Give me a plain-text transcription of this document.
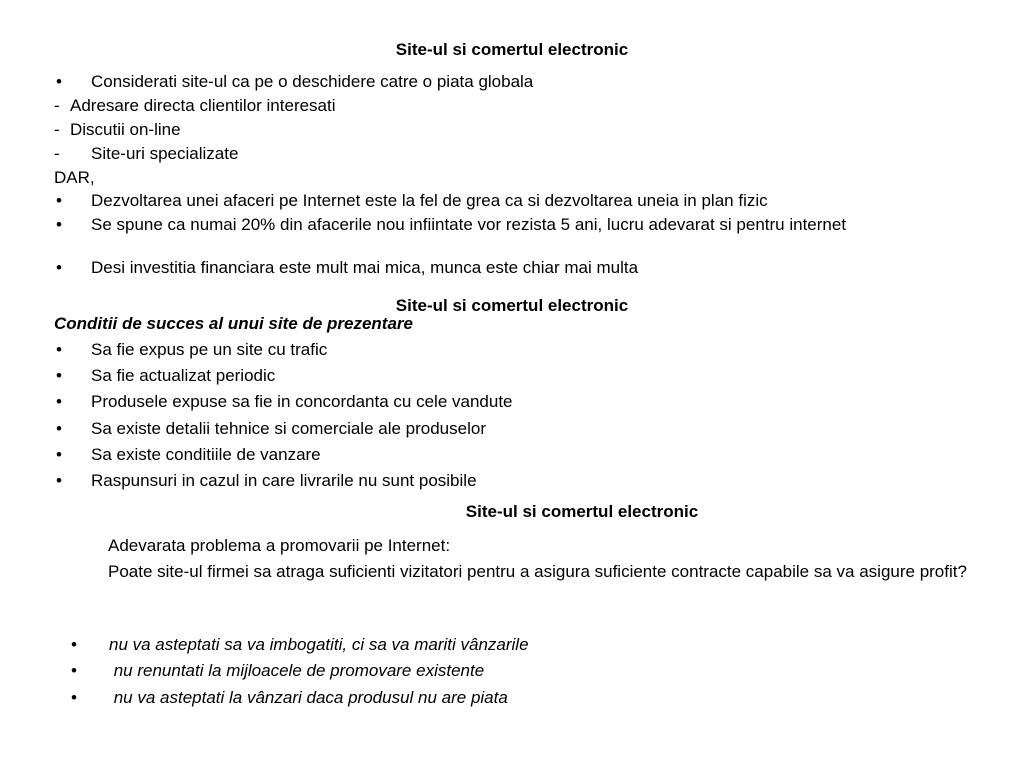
Site-ul si comertul electronic
• Considerati site-ul ca pe o deschidere catre o piata globala
- Adresare directa clientilor interesati
- Discutii on-line
- Site-uri specializate
DAR,
• Dezvoltarea unei afaceri pe Internet este la fel de grea ca si dezvoltarea uneia in plan fizic
• Se spune ca numai 20% din afacerile nou infiintate vor rezista 5 ani, lucru adevarat si pentru internet
• Desi investitia financiara este mult mai mica, munca este chiar mai multa
Site-ul si comertul electronic
Conditii de succes al unui site de prezentare
• Sa fie expus pe un site cu trafic
• Sa fie actualizat periodic
• Produsele expuse sa fie in concordanta cu cele vandute
• Sa existe detalii tehnice si comerciale ale produselor
• Sa existe conditiile de vanzare
• Raspunsuri in cazul in care livrarile nu sunt posibile
Site-ul si comertul electronic
Adevarata problema a promovarii pe Internet:
Poate site-ul firmei sa atraga suficienti vizitatori pentru a asigura suficiente contracte capabile sa va asigure profit?
• nu va asteptati sa va imbogatiti, ci sa va mariti vânzarile
• nu renuntati la mijloacele de promovare existente
• nu va asteptati la vânzari daca produsul nu are piata
